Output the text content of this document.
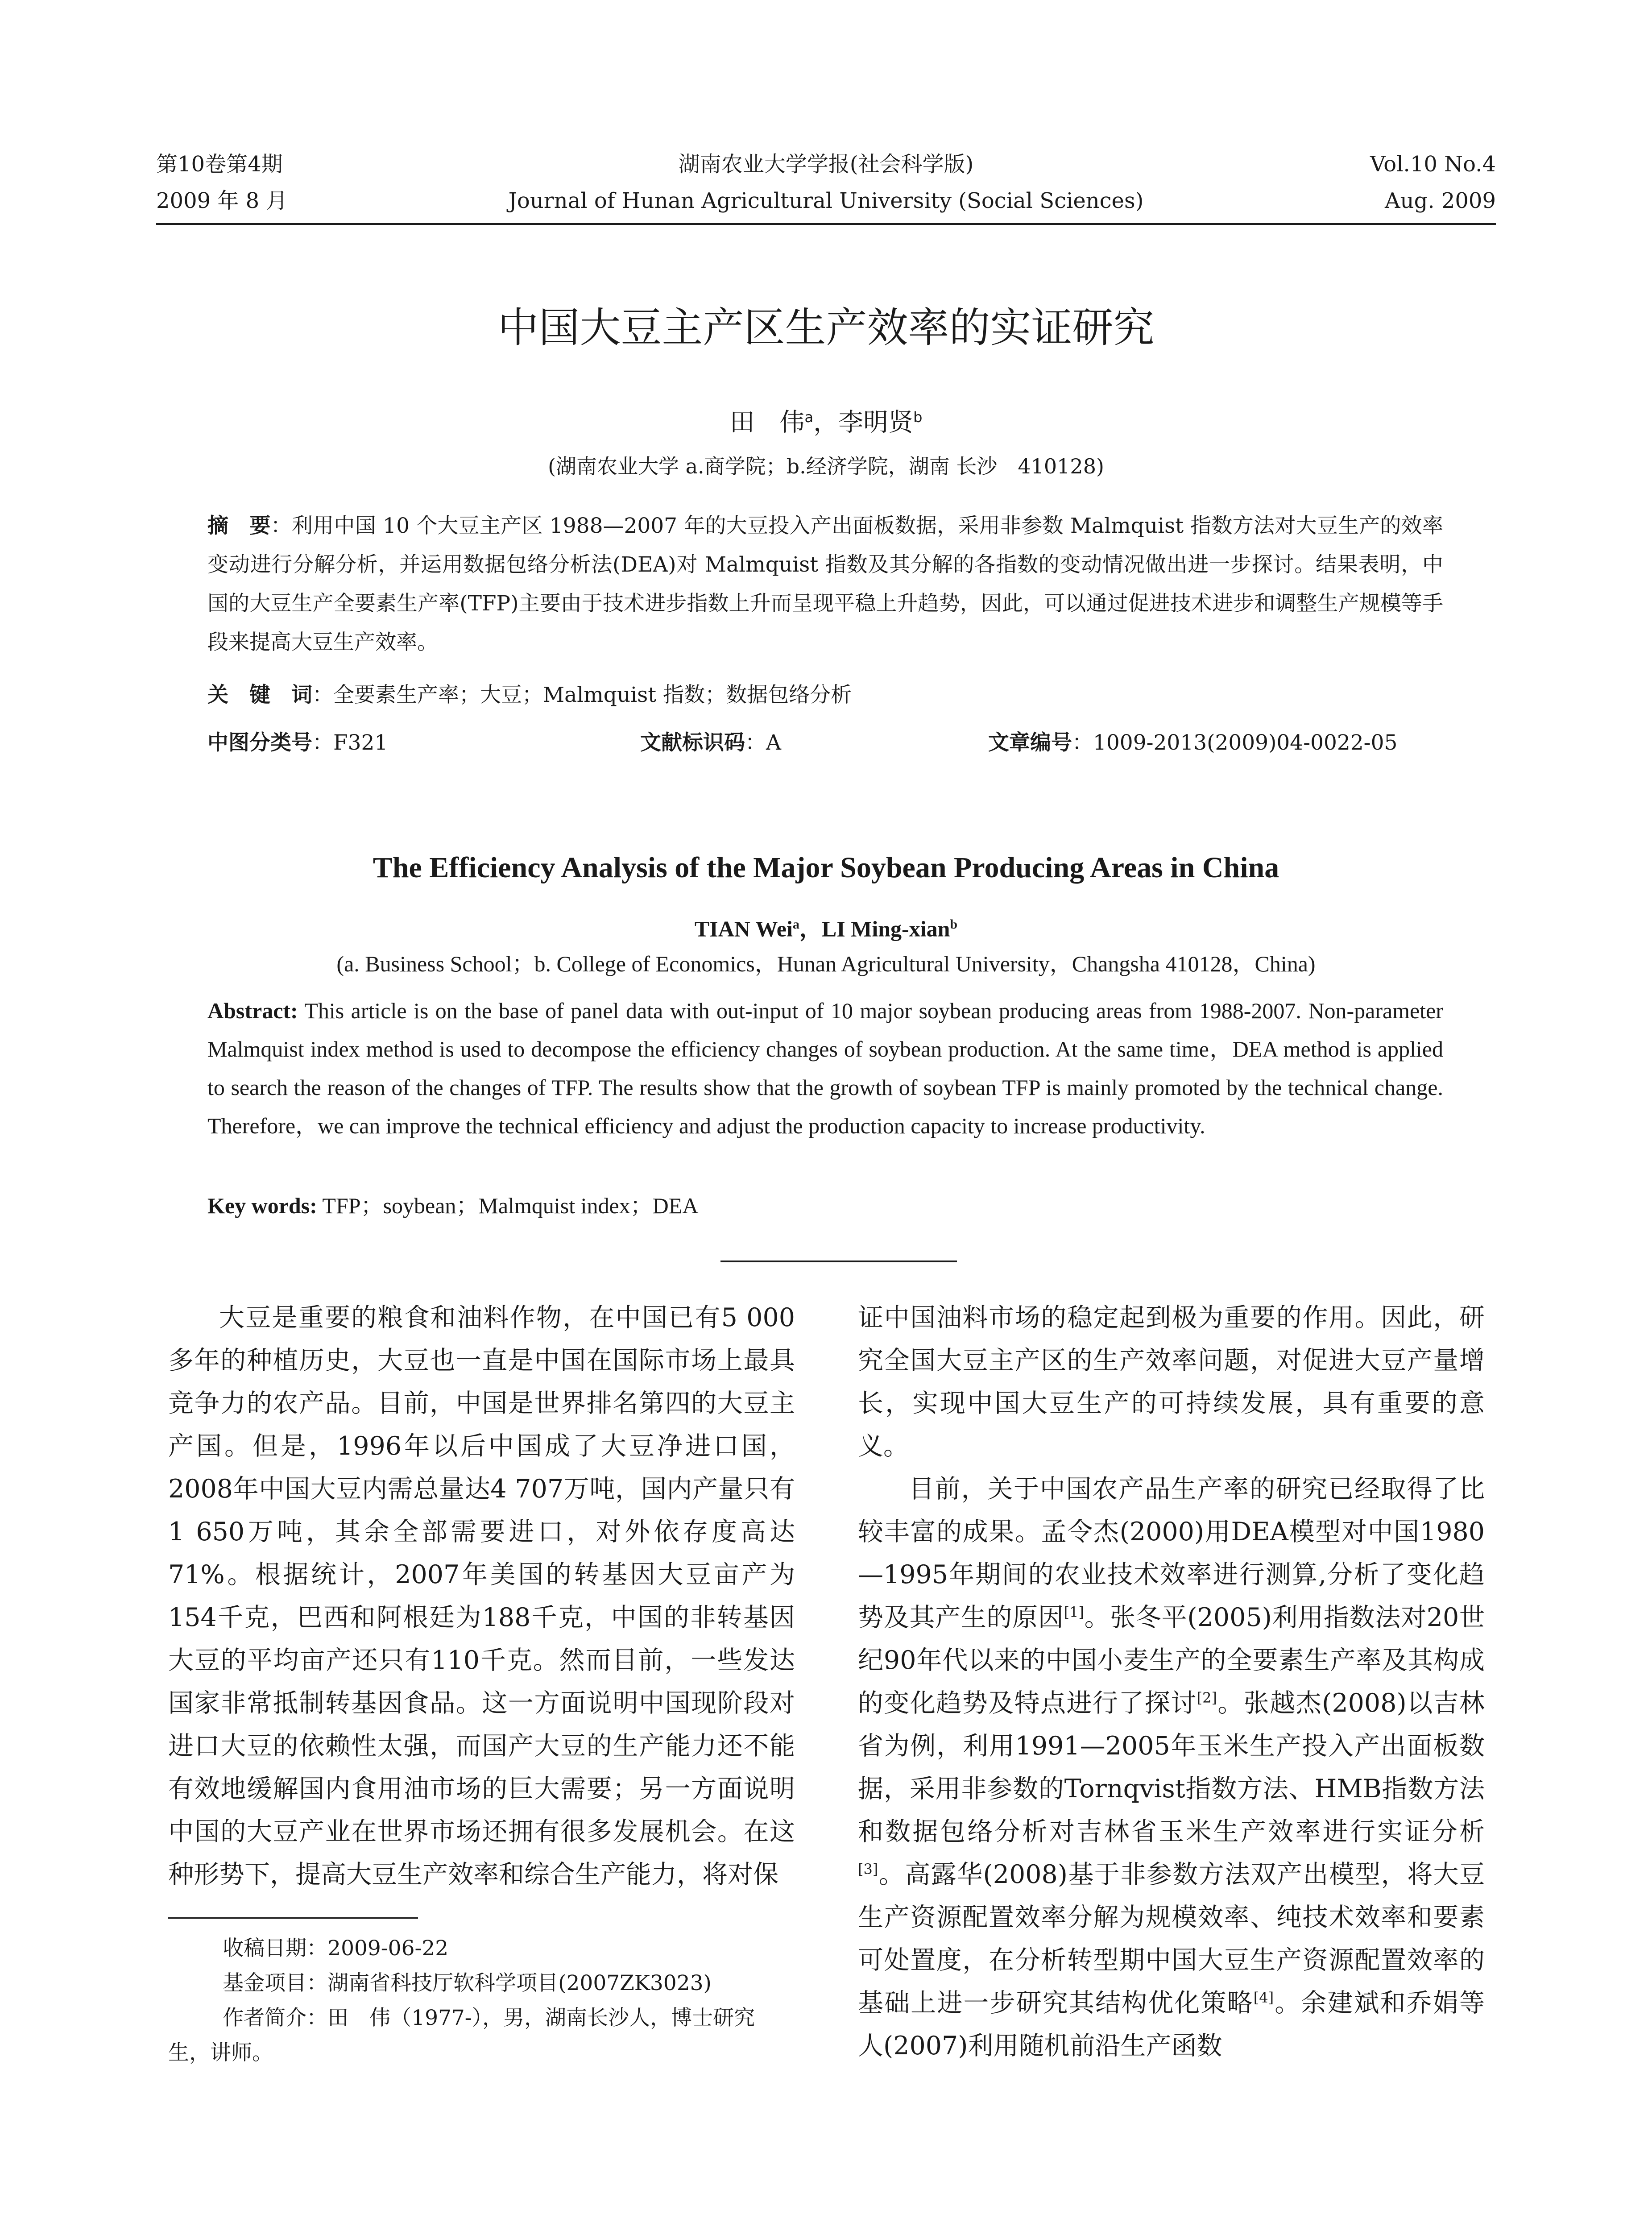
第10卷第4期	湖南农业大学学报(社会科学版)	Vol.10 No.4
2009 年 8 月	Journal of Hunan Agricultural University (Social Sciences)	Aug. 2009
中国大豆主产区生产效率的实证研究
田　伟$^a$，李明贤$^b$
(湖南农业大学 a.商学院；b.经济学院，湖南 长沙　410128)
摘　要：利用中国 10 个大豆主产区 1988—2007 年的大豆投入产出面板数据，采用非参数 Malmquist 指数方法对大豆生产的效率变动进行分解分析，并运用数据包络分析法(DEA)对 Malmquist 指数及其分解的各指数的变动情况做出进一步探讨。结果表明，中国的大豆生产全要素生产率(TFP)主要由于技术进步指数上升而呈现平稳上升趋势，因此，可以通过促进技术进步和调整生产规模等手段来提高大豆生产效率。
关　键　词：全要素生产率；大豆；Malmquist 指数；数据包络分析
中图分类号：F321	文献标识码：A	文章编号：1009-2013(2009)04-0022-05
The Efficiency Analysis of the Major Soybean Producing Areas in China
TIAN Wei$^a$，LI Ming-xian$^b$
(a. Business School；b. College of Economics，Hunan Agricultural University，Changsha 410128，China)
Abstract: This article is on the base of panel data with out-input of 10 major soybean producing areas from 1988-2007. Non-parameter Malmquist index method is used to decompose the efficiency changes of soybean production. At the same time，DEA method is applied to search the reason of the changes of TFP. The results show that the growth of soybean TFP is mainly promoted by the technical change. Therefore，we can improve the technical efficiency and adjust the production capacity to increase productivity.
Key words: TFP；soybean；Malmquist index；DEA

大豆是重要的粮食和油料作物，在中国已有5 000多年的种植历史，大豆也一直是中国在国际市场上最具竞争力的农产品。目前，中国是世界排名第四的大豆主产国。但是，1996年以后中国成了大豆净进口国，2008年中国大豆内需总量达4 707万吨，国内产量只有1 650万吨，其余全部需要进口，对外依存度高达71%。根据统计，2007年美国的转基因大豆亩产为154千克，巴西和阿根廷为188千克，中国的非转基因大豆的平均亩产还只有110千克。然而目前，一些发达国家非常抵制转基因食品。这一方面说明中国现阶段对进口大豆的依赖性太强，而国产大豆的生产能力还不能有效地缓解国内食用油市场的巨大需要；另一方面说明中国的大豆产业在世界市场还拥有很多发展机会。在这种形势下，提高大豆生产效率和综合生产能力，将对保

证中国油料市场的稳定起到极为重要的作用。因此，研究全国大豆主产区的生产效率问题，对促进大豆产量增长，实现中国大豆生产的可持续发展，具有重要的意义。

目前，关于中国农产品生产率的研究已经取得了比较丰富的成果。孟令杰(2000)用DEA模型对中国1980—1995年期间的农业技术效率进行测算,分析了变化趋势及其产生的原因[1]。张冬平(2005)利用指数法对20世纪90年代以来的中国小麦生产的全要素生产率及其构成的变化趋势及特点进行了探讨[2]。张越杰(2008)以吉林省为例，利用1991—2005年玉米生产投入产出面板数据，采用非参数的Tornqvist指数方法、HMB指数方法和数据包络分析对吉林省玉米生产效率进行实证分析[3]。高露华(2008)基于非参数方法双产出模型，将大豆生产资源配置效率分解为规模效率、纯技术效率和要素可处置度，在分析转型期中国大豆生产资源配置效率的基础上进一步研究其结构优化策略[4]。余建斌和乔娟等人(2007)利用随机前沿生产函数

收稿日期：2009-06-22
基金项目：湖南省科技厅软科学项目(2007ZK3023)
作者简介：田　伟（1977-），男，湖南长沙人，博士研究生，讲师。
